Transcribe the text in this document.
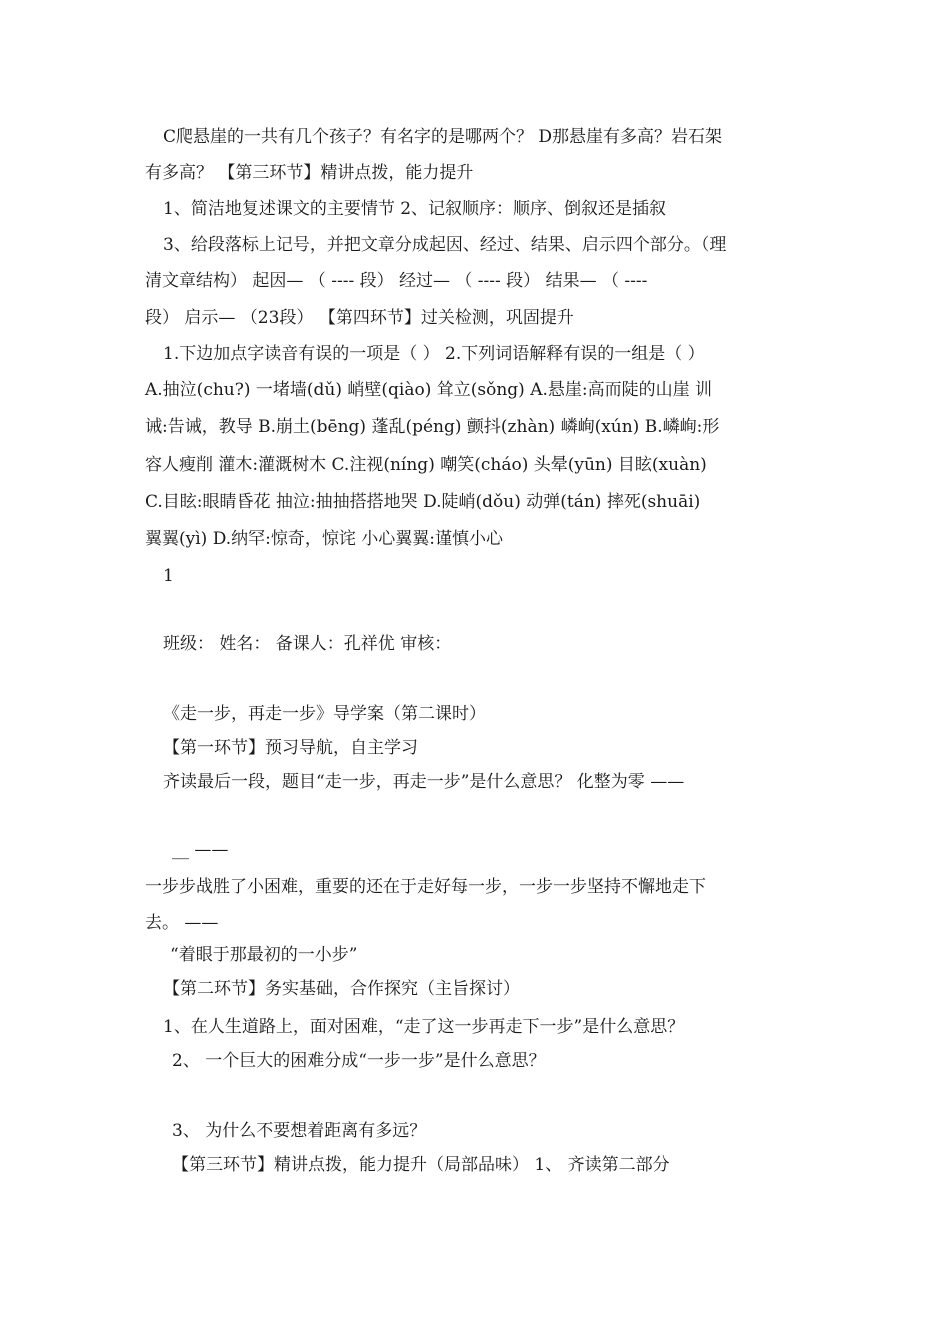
C爬悬崖的一共有几个孩子？有名字的是哪两个？ D那悬崖有多高？岩石架
有多高？ 【第三环节】精讲点拨，能力提升
1、简洁地复述课文的主要情节 2、记叙顺序：顺序、倒叙还是插叙
3、给段落标上记号，并把文章分成起因、经过、结果、启示四个部分。（理
清文章结构） 起因— （ ---- 段） 经过— （ ---- 段） 结果— （ ----
段） 启示— （23段） 【第四环节】过关检测，巩固提升
1.下边加点字读音有误的一项是（ ） 2.下列词语解释有误的一组是（ ）
A.抽泣(chu?) 一堵墙(dǔ) 峭壁(qiào) 耸立(sǒng) A.悬崖:高而陡的山崖 训
诫:告诫，教导 B.崩土(bēng) 蓬乱(péng) 颤抖(zhàn) 嶙峋(xún) B.嶙峋:形
容人瘦削 灌木:灌溉树木 C.注视(níng) 嘲笑(cháo) 头晕(yūn) 目眩(xuàn)
C.目眩:眼睛昏花 抽泣:抽抽搭搭地哭 D.陡峭(dǒu) 动弹(tán) 摔死(shuāi)
翼翼(yì) D.纳罕:惊奇，惊诧 小心翼翼:谨慎小心
1
班级： 姓名： 备课人：孔祥优 审核：
《走一步，再走一步》导学案（第二课时）
【第一环节】预习导航，自主学习
齐读最后一段，题目“走一步，再走一步”是什么意思？ 化整为零 ——
__ ——
一步步战胜了小困难，重要的还在于走好每一步，一步一步坚持不懈地走下
去。 ——
“着眼于那最初的一小步”
【第二环节】务实基础，合作探究（主旨探讨）
1、在人生道路上，面对困难，“走了这一步再走下一步”是什么意思？
2、 一个巨大的困难分成“一步一步”是什么意思？
3、 为什么不要想着距离有多远？
【第三环节】精讲点拨，能力提升（局部品味） 1、 齐读第二部分
